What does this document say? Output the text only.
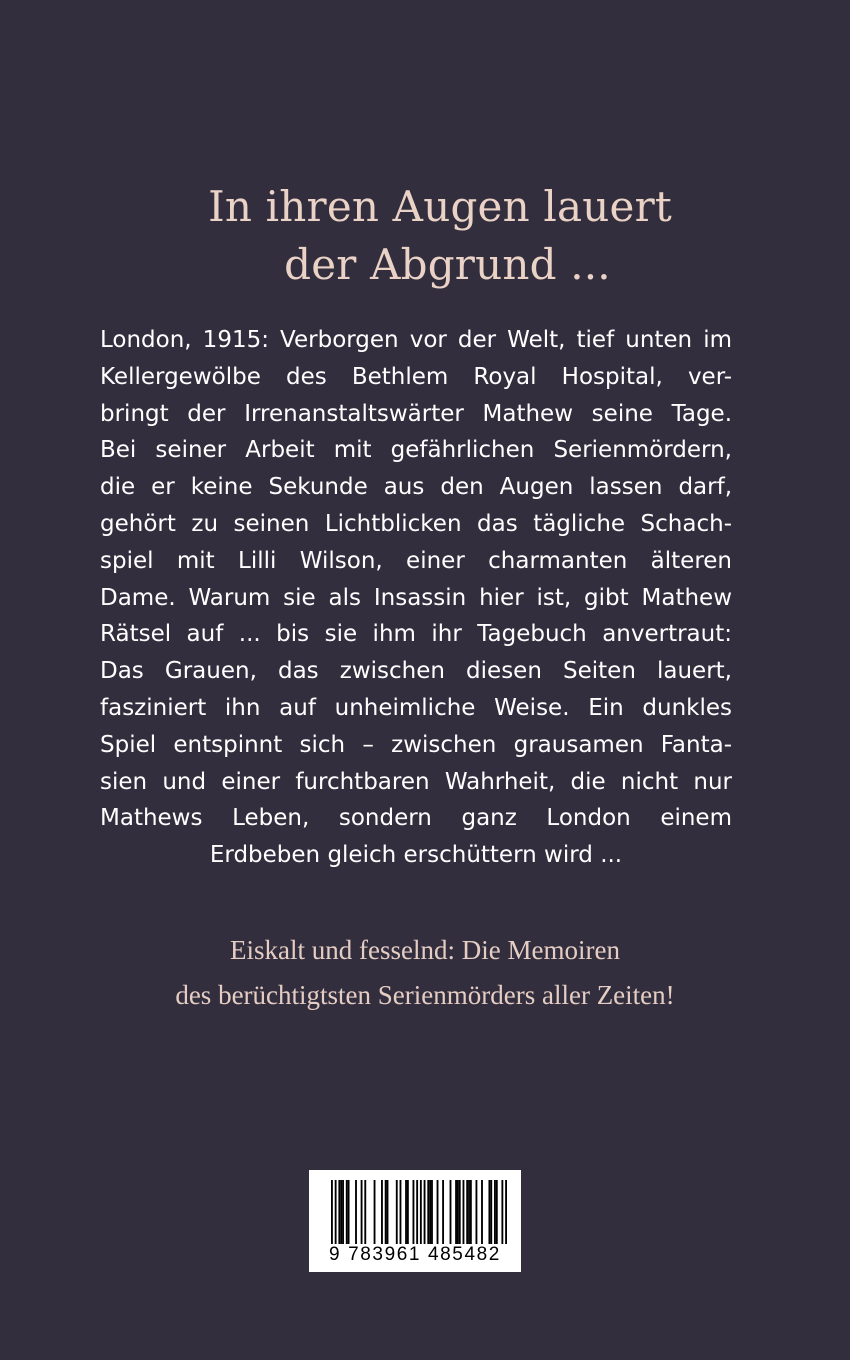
In ihren Augen lauert
der Abgrund ...
London, 1915: Verborgen vor der Welt, tief unten im
Kellergewölbe des Bethlem Royal Hospital, ver-
bringt der Irrenanstaltswärter Mathew seine Tage.
Bei seiner Arbeit mit gefährlichen Serienmördern,
die er keine Sekunde aus den Augen lassen darf,
gehört zu seinen Lichtblicken das tägliche Schach-
spiel mit Lilli Wilson, einer charmanten älteren
Dame. Warum sie als Insassin hier ist, gibt Mathew
Rätsel auf ... bis sie ihm ihr Tagebuch anvertraut:
Das Grauen, das zwischen diesen Seiten lauert,
fasziniert ihn auf unheimliche Weise. Ein dunkles
Spiel entspinnt sich – zwischen grausamen Fanta-
sien und einer furchtbaren Wahrheit, die nicht nur
Mathews Leben, sondern ganz London einem
Erdbeben gleich erschüttern wird ...
Eiskalt und fesselnd: Die Memoiren
des berüchtigtsten Serienmörders aller Zeiten!
9 783961 485482
